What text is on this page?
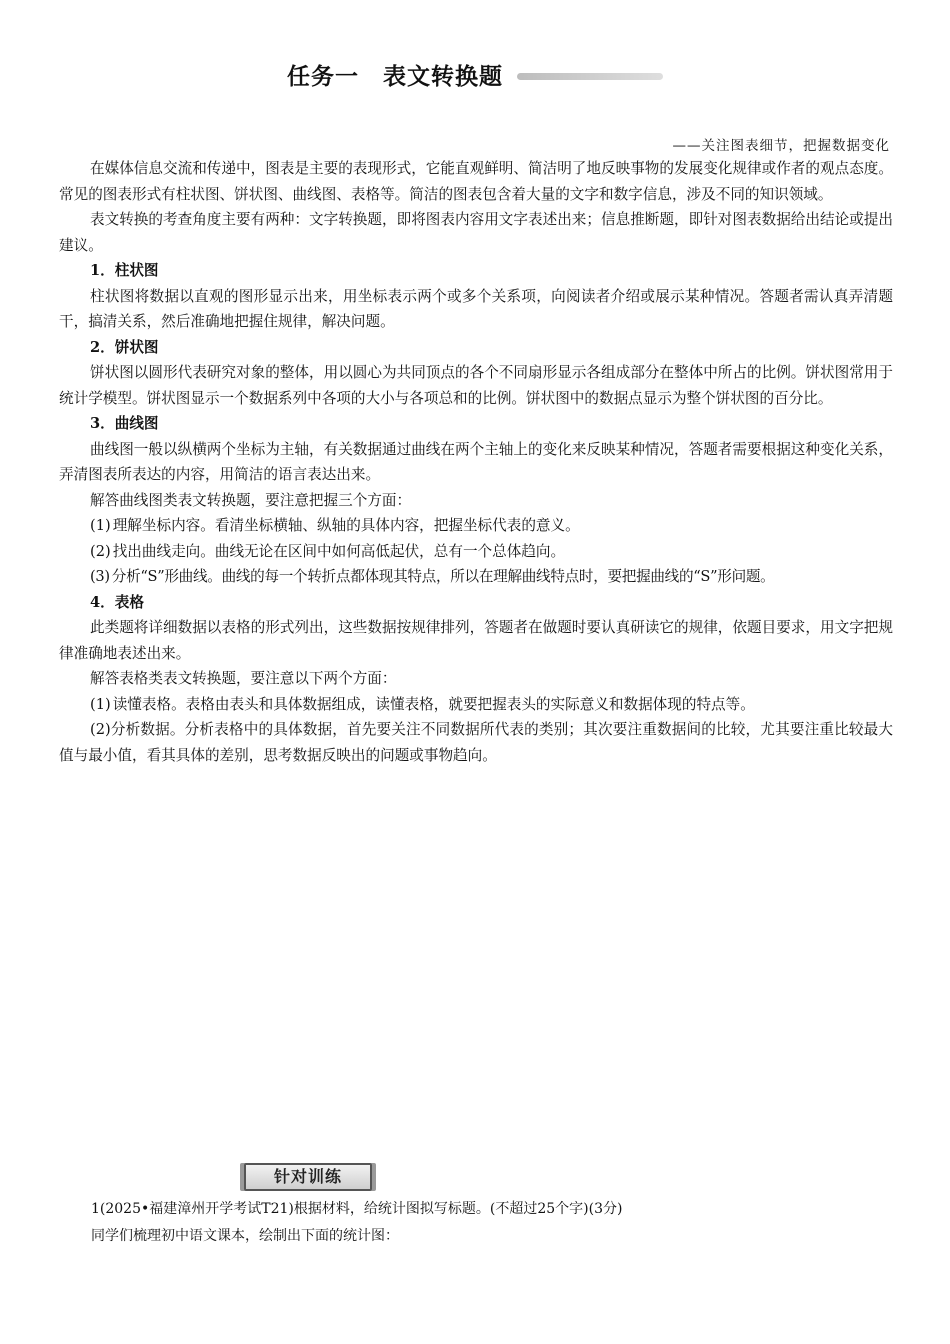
任务一　表文转换题
——关注图表细节，把握数据变化

在媒体信息交流和传递中，图表是主要的表现形式，它能直观鲜明、简洁明了地反映事物的发展变化规律或作者的观点态度。常见的图表形式有柱状图、饼状图、曲线图、表格等。简洁的图表包含着大量的文字和数字信息，涉及不同的知识领域。

表文转换的考查角度主要有两种：文字转换题，即将图表内容用文字表述出来；信息推断题，即针对图表数据给出结论或提出建议。

1．柱状图

柱状图将数据以直观的图形显示出来，用坐标表示两个或多个关系项，向阅读者介绍或展示某种情况。答题者需认真弄清题干，搞清关系，然后准确地把握住规律，解决问题。

2．饼状图

饼状图以圆形代表研究对象的整体，用以圆心为共同顶点的各个不同扇形显示各组成部分在整体中所占的比例。饼状图常用于统计学模型。饼状图显示一个数据系列中各项的大小与各项总和的比例。饼状图中的数据点显示为整个饼状图的百分比。

3．曲线图

曲线图一般以纵横两个坐标为主轴，有关数据通过曲线在两个主轴上的变化来反映某种情况，答题者需要根据这种变化关系，弄清图表所表达的内容，用简洁的语言表达出来。

解答曲线图类表文转换题，要注意把握三个方面：

(1) 理解坐标内容。看清坐标横轴、纵轴的具体内容，把握坐标代表的意义。

(2) 找出曲线走向。曲线无论在区间中如何高低起伏，总有一个总体趋向。

(3) 分析“S”形曲线。曲线的每一个转折点都体现其特点，所以在理解曲线特点时，要把握曲线的“S”形问题。

4．表格

此类题将详细数据以表格的形式列出，这些数据按规律排列，答题者在做题时要认真研读它的规律，依题目要求，用文字把规律准确地表述出来。

解答表格类表文转换题，要注意以下两个方面：

(1) 读懂表格。表格由表头和具体数据组成，读懂表格，就要把握表头的实际意义和数据体现的特点等。

(2)分析数据。分析表格中的具体数据，首先要关注不同数据所代表的类别；其次要注重数据间的比较，尤其要注重比较最大值与最小值，看其具体的差别，思考数据反映出的问题或事物趋向。

针对训练

1(2025•福建漳州开学考试T21)根据材料，给统计图拟写标题。(不超过25个字)(3分)

同学们梳理初中语文课本，绘制出下面的统计图：
